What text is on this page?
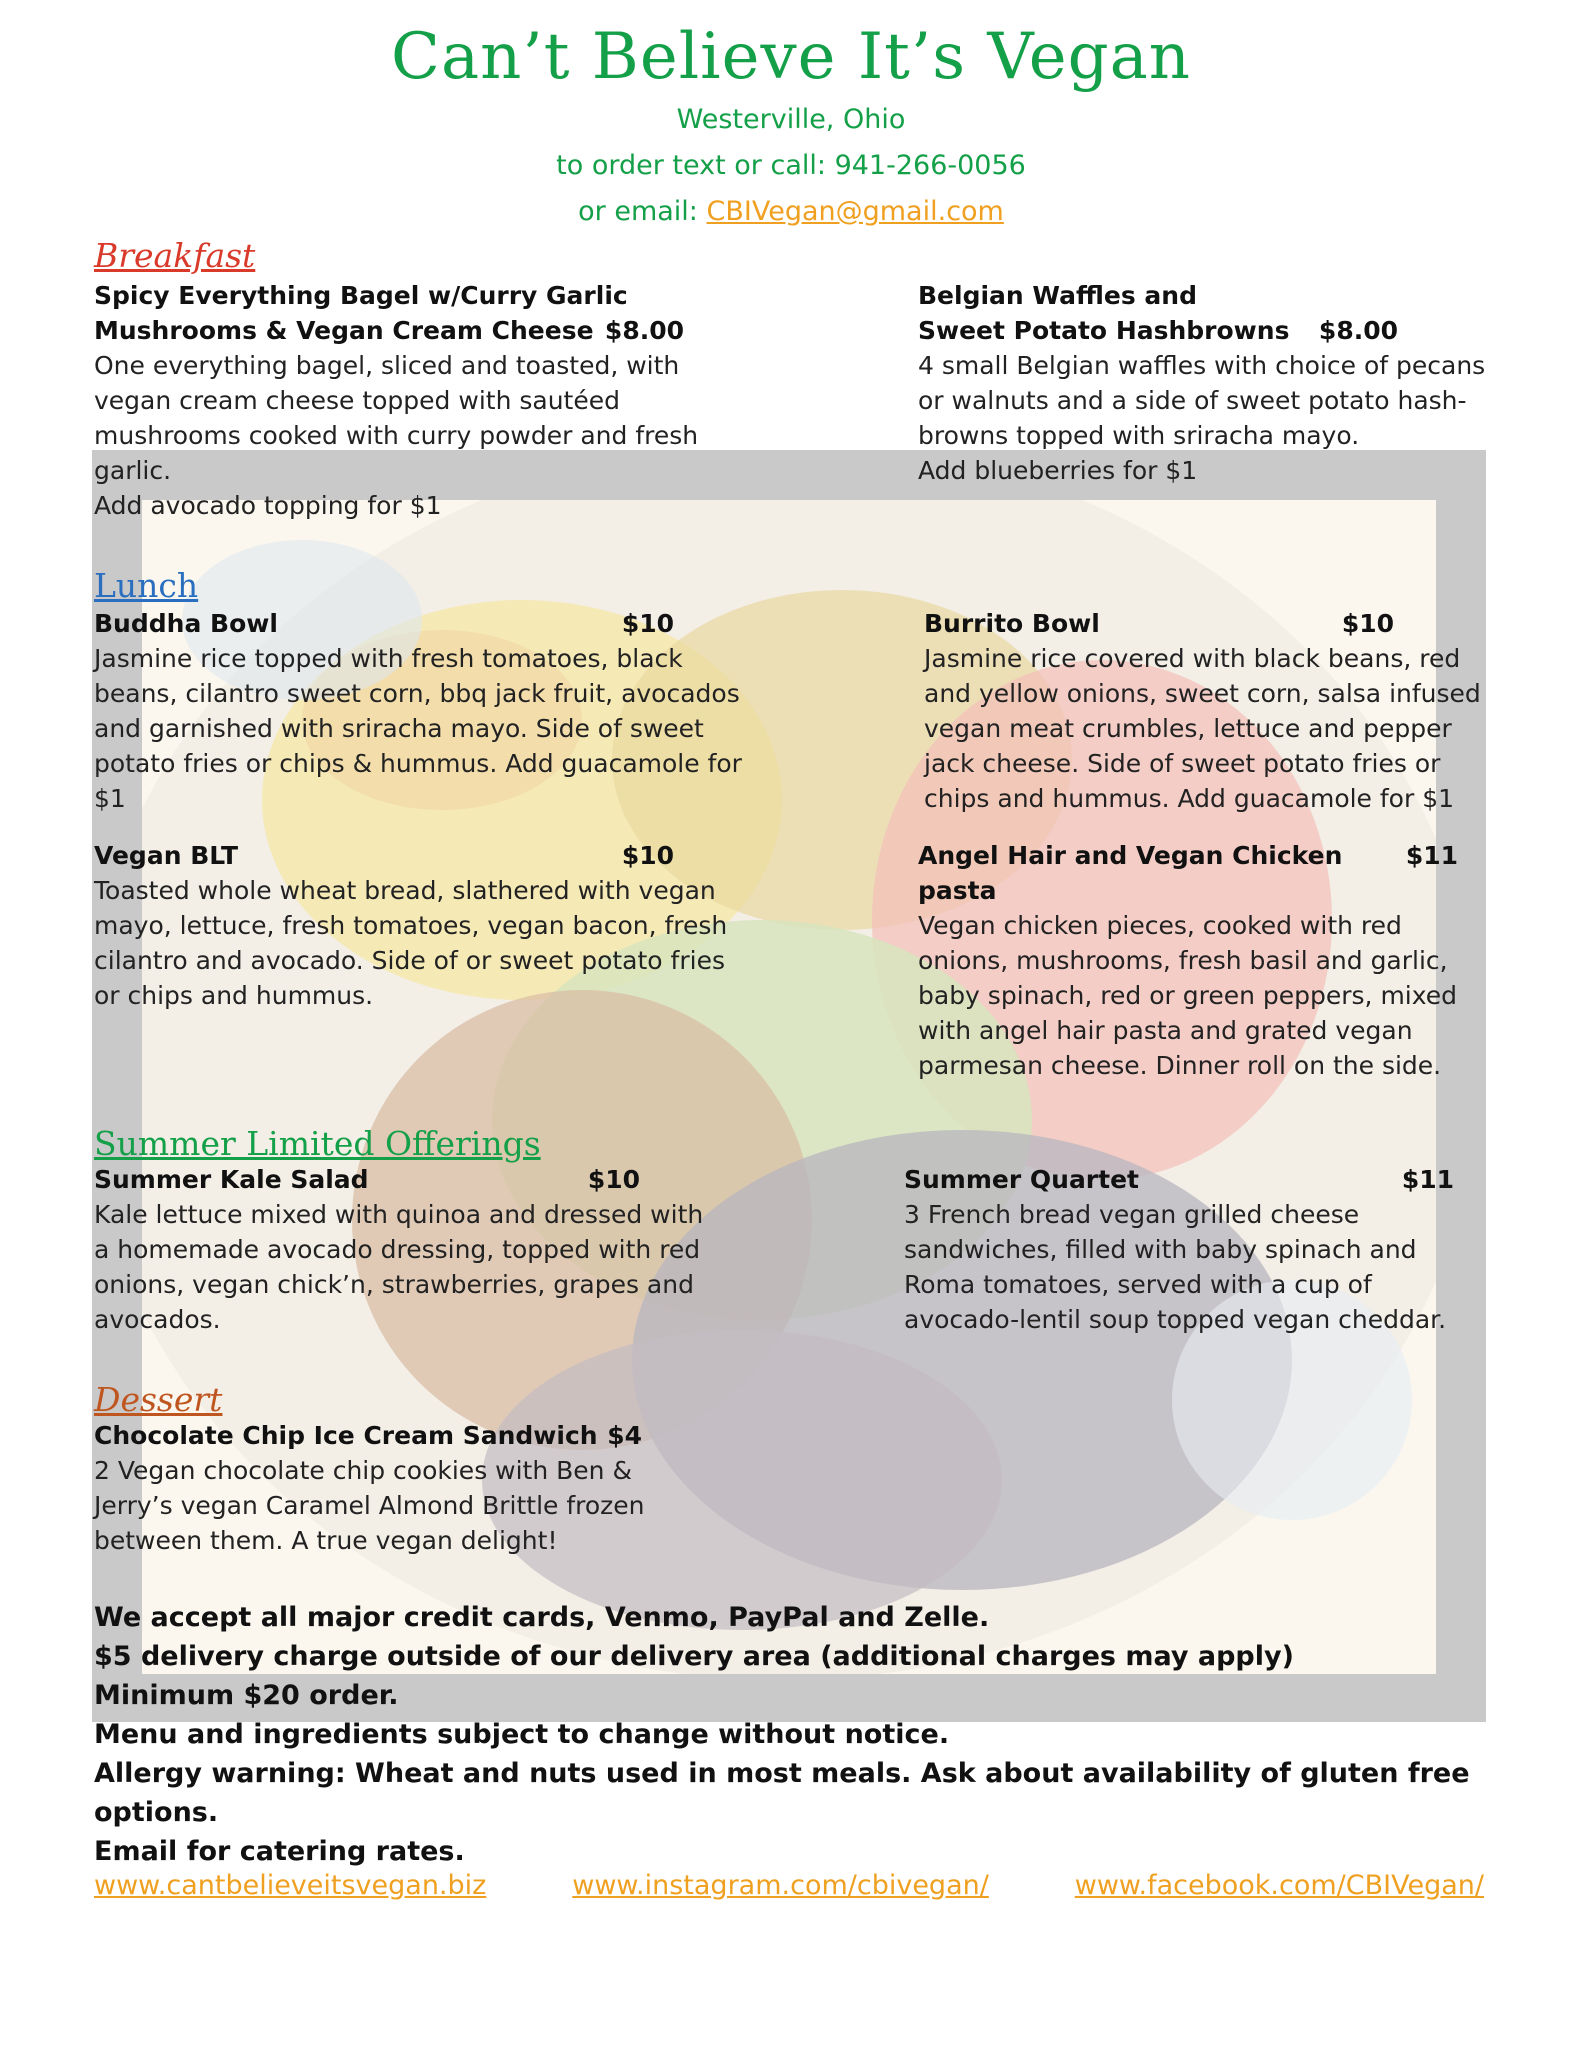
Can’t Believe It’s Vegan
Westerville, Ohio
to order text or call: 941-266-0056
or email: CBIVegan@gmail.com
Breakfast
Spicy Everything Bagel w/Curry Garlic
Mushrooms & Vegan Cream Cheese $8.00
One everything bagel, sliced and toasted, with vegan cream cheese topped with sautéed mushrooms cooked with curry powder and fresh garlic.
Add avocado topping for $1
Belgian Waffles and
Sweet Potato Hashbrowns $8.00
4 small Belgian waffles with choice of pecans or walnuts and a side of sweet potato hash-browns topped with sriracha mayo.
Add blueberries for $1
Lunch
Buddha Bowl	$10
Jasmine rice topped with fresh tomatoes, black beans, cilantro sweet corn, bbq jack fruit, avocados and garnished with sriracha mayo. Side of sweet potato fries or chips & hummus. Add guacamole for $1
Burrito Bowl	$10
Jasmine rice covered with black beans, red and yellow onions, sweet corn, salsa infused vegan meat crumbles, lettuce and pepper jack cheese. Side of sweet potato fries or chips and hummus. Add guacamole for $1
Vegan BLT	$10
Toasted whole wheat bread, slathered with vegan mayo, lettuce, fresh tomatoes, vegan bacon, fresh cilantro and avocado. Side of or sweet potato fries or chips and hummus.
Angel Hair and Vegan Chicken pasta
$11
Vegan chicken pieces, cooked with red onions, mushrooms, fresh basil and garlic, baby spinach, red or green peppers, mixed with angel hair pasta and grated vegan parmesan cheese. Dinner roll on the side.
Summer Limited Offerings
Summer Kale Salad	$10
Kale lettuce mixed with quinoa and dressed with a homemade avocado dressing, topped with red onions, vegan chick’n, strawberries, grapes and avocados.
Summer Quartet	$11
3 French bread vegan grilled cheese sandwiches, filled with baby spinach and Roma tomatoes, served with a cup of avocado-lentil soup topped vegan cheddar.
Dessert
Chocolate Chip Ice Cream Sandwich $4
2 Vegan chocolate chip cookies with Ben & Jerry’s vegan Caramel Almond Brittle frozen between them. A true vegan delight!
We accept all major credit cards, Venmo, PayPal and Zelle.
$5 delivery charge outside of our delivery area (additional charges may apply)
Minimum $20 order.
Menu and ingredients subject to change without notice.
Allergy warning: Wheat and nuts used in most meals. Ask about availability of gluten free options.
Email for catering rates.
www.cantbelieveitsvegan.biz	www.instagram.com/cbivegan/	www.facebook.com/CBIVegan/
